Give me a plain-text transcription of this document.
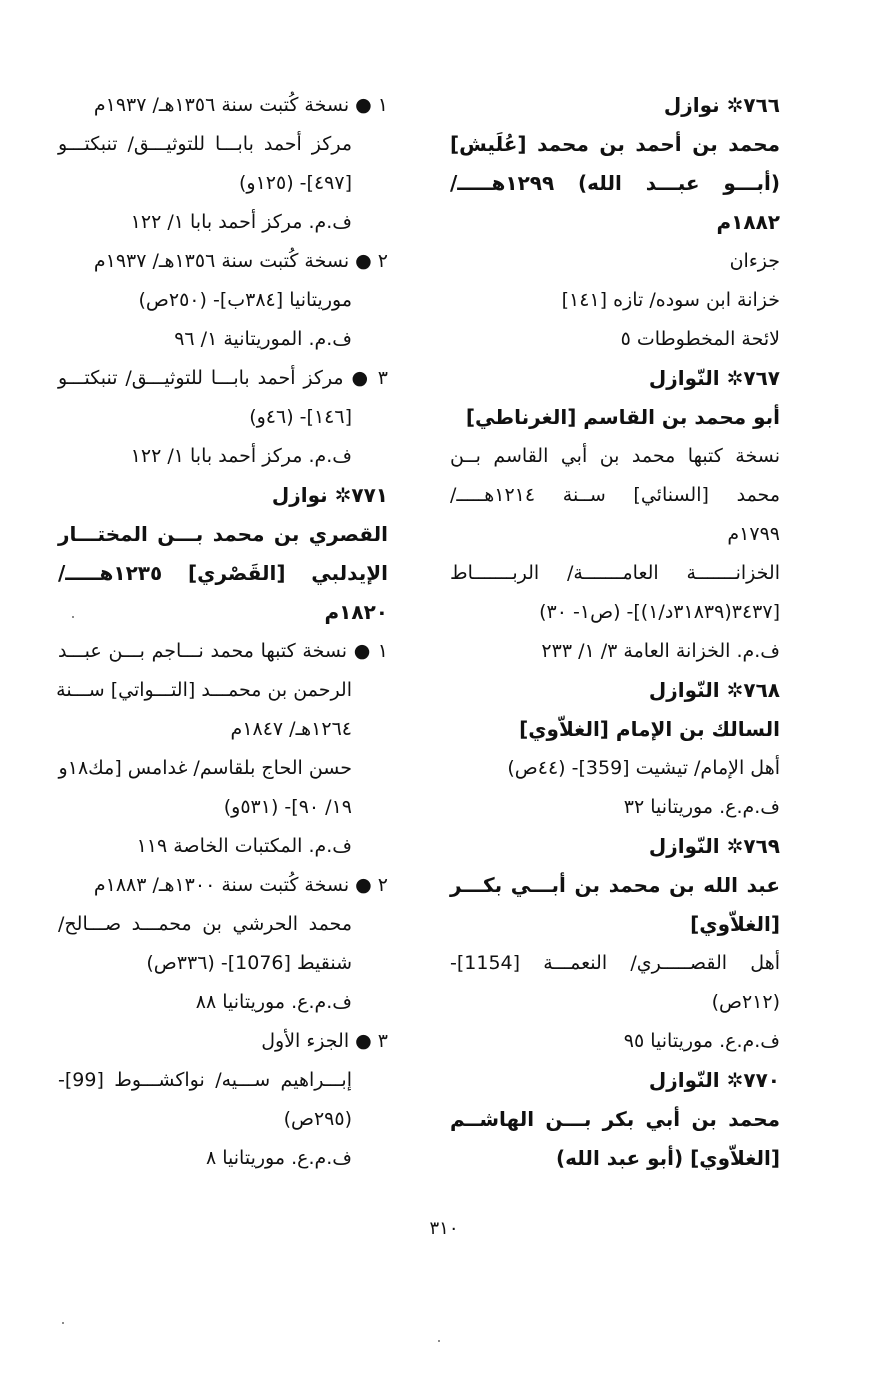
٧٦٦✲ نوازل
محمد بن أحمد بن محمد [عُلَيش]
(أبـــو عبـــد الله) ١٢٩٩هـــــ/
١٨٨٢م
جزءان
خزانة ابن سوده/ تازه [١٤١]
لائحة المخطوطات ٥
٧٦٧✲ النّوازل
أبو محمد بن القاسم [الغرناطي]
نسخة كتبها محمد بن أبي القاسم بــن
محمد [السنائي] ســنة ١٢١٤هـــــ/
١٧٩٩م
الخزانـــــــة العامـــــــة/ الربـــــــاط
[٣٤٣٧(٣١٨٣٩د/١)]- (ص١- ٣٠)
ف.م. الخزانة العامة ٣/ ١/ ٢٣٣
٧٦٨✲ النّوازل
السالك بن الإمام [الغلاّوي]
أهل الإمام/ تيشيت [359]- (٤٤ص)
ف.م.ع. موريتانيا ٣٢
٧٦٩✲ النّوازل
عبد الله بن محمد بن أبـــي بكـــر
[الغلاّوي]
أهل القصـــــري/ النعمـــة [1154]-
(٢١٢ص)
ف.م.ع. موريتانيا ٩٥
٧٧٠✲ النّوازل
محمد بن أبي بكر بـــن الهاشــم
[الغلاّوي] (أبو عبد الله)
١ ● نسخة كُتبت سنة ١٣٥٦هـ/ ١٩٣٧م
مركز أحمد بابـــا للتوثيـــق/ تنبكتـــو
[٤٩٧]- (١٢٥و)
ف.م. مركز أحمد بابا ١/ ١٢٢
٢ ● نسخة كُتبت سنة ١٣٥٦هـ/ ١٩٣٧م
موريتانيا [٣٨٤ب]- (٢٥٠ص)
ف.م. الموريتانية ١/ ٩٦
٣ ● مركز أحمد بابـــا للتوثيـــق/ تنبكتـــو
[١٤٦]- (٤٦و)
ف.م. مركز أحمد بابا ١/ ١٢٢
٧٧١✲ نوازل
القصري بن محمد بـــن المختـــار
الإيدلبي [القَصْري] ١٢٣٥هـــــ/
١٨٢٠م
١ ● نسخة كتبها محمد نـــاجم بـــن عبـــد
الرحمن بن محمـــد [التـــواتي] ســـنة
١٢٦٤هـ/ ١٨٤٧م
حسن الحاج بلقاسم/ غدامس [مك١٨و
١٩/ ٩٠]- (٥٣١و)
ف.م. المكتبات الخاصة ١١٩
٢ ● نسخة كُتبت سنة ١٣٠٠هـ/ ١٨٨٣م
محمد الحرشي بن محمـــد صـــالح/
شنقيط [1076]- (٣٣٦ص)
ف.م.ع. موريتانيا ٨٨
٣ ● الجزء الأول
إبـــراهيم ســـيه/ نواكشـــوط [99]-
(٢٩٥ص)
ف.م.ع. موريتانيا ٨
٣١٠
